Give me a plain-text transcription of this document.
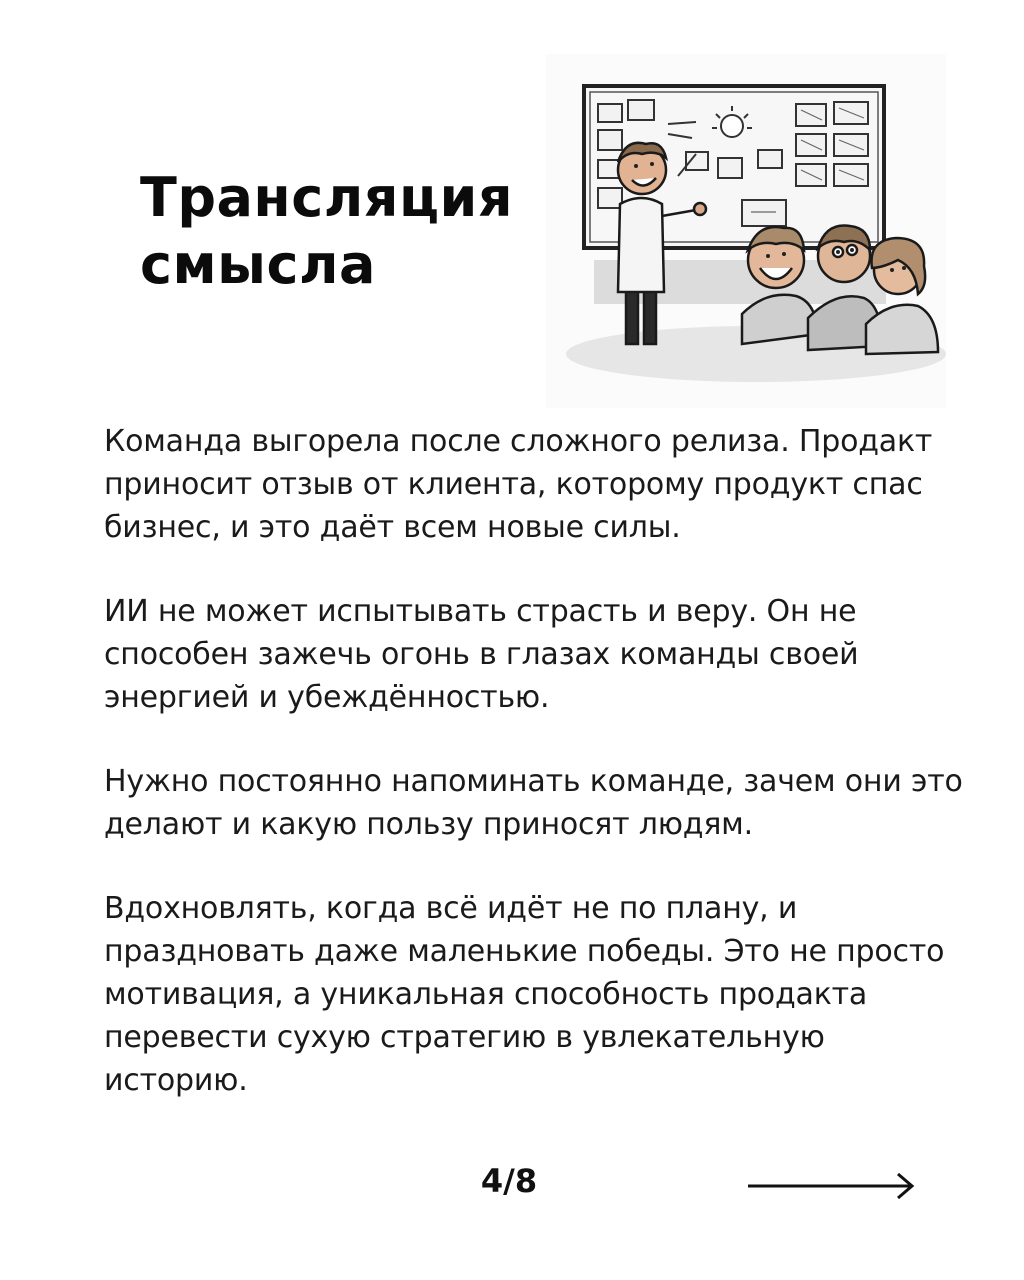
Трансляция смысла

Команда выгорела после сложного релиза. Продакт приносит отзыв от клиента, которому продукт спас бизнес, и это даёт всем новые силы.

ИИ не может испытывать страсть и веру. Он не способен зажечь огонь в глазах команды своей энергией и убеждённостью.

Нужно постоянно напоминать команде, зачем они это делают и какую пользу приносят людям.

Вдохновлять, когда всё идёт не по плану, и праздновать даже маленькие победы. Это не просто мотивация, а уникальная способность продакта перевести сухую стратегию в увлекательную историю.

4/8
